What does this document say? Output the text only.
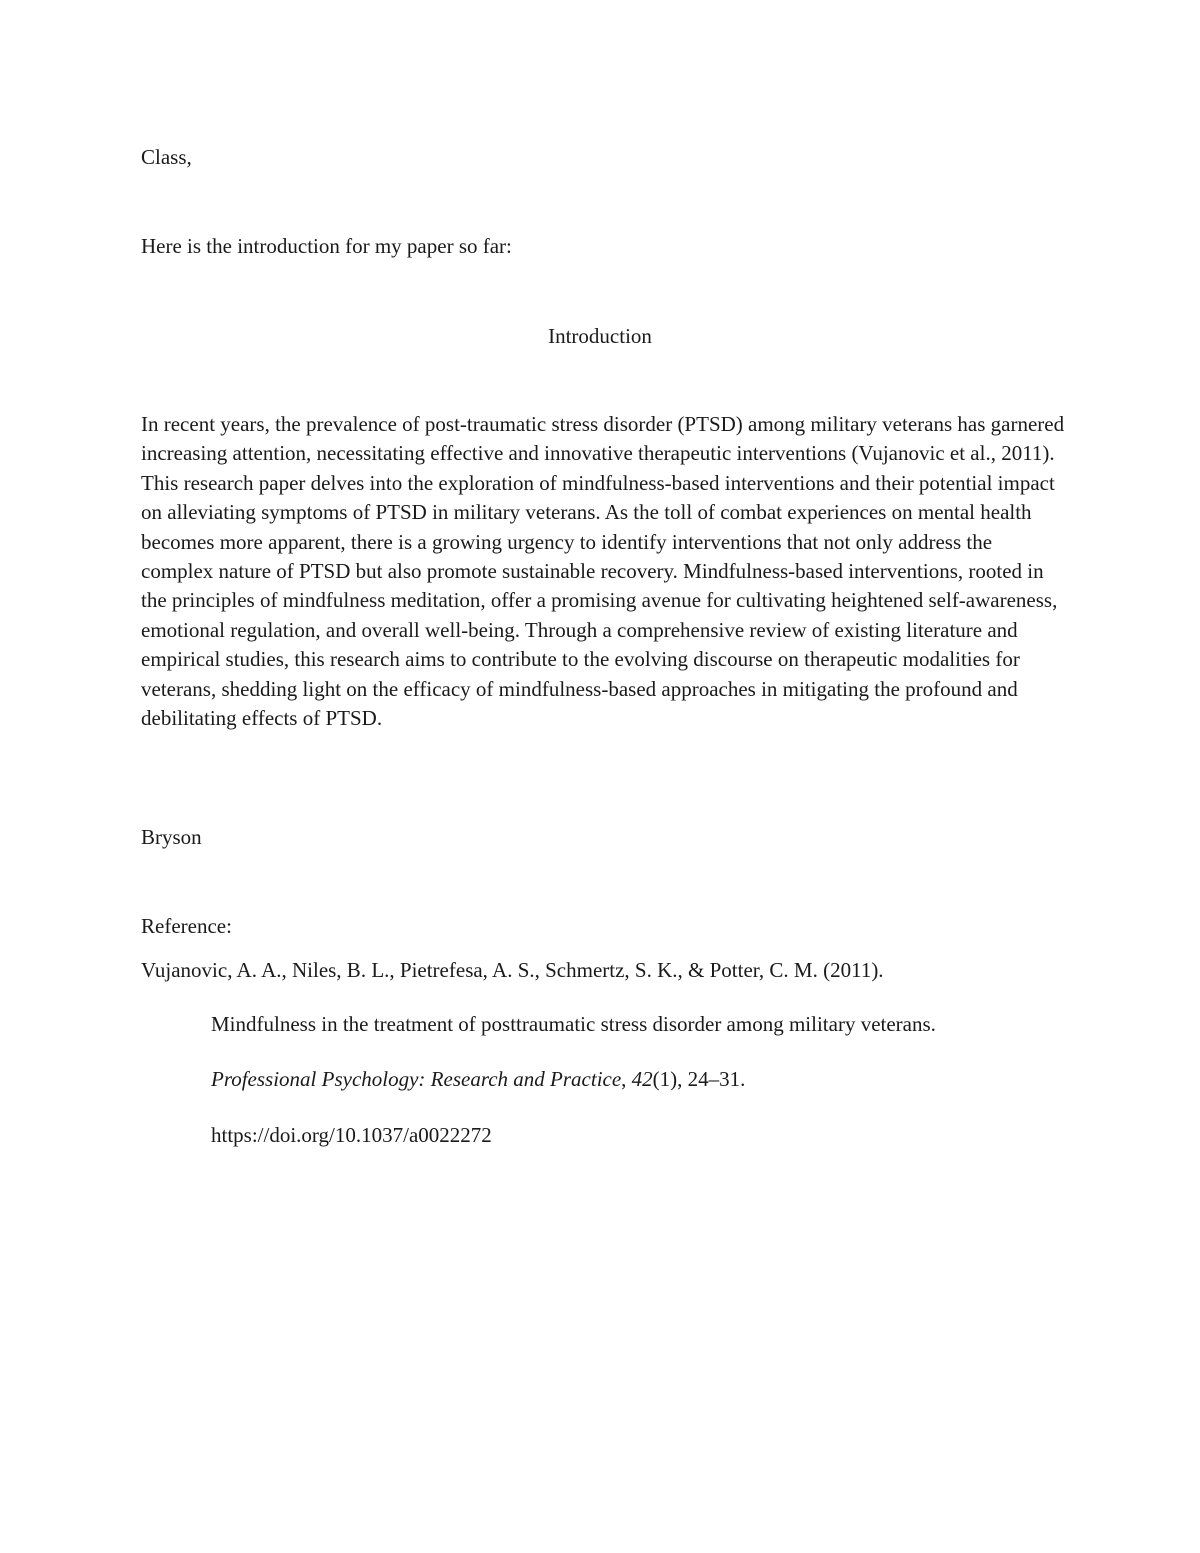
Class,

Here is the introduction for my paper so far:

Introduction

In recent years, the prevalence of post-traumatic stress disorder (PTSD) among military veterans has garnered increasing attention, necessitating effective and innovative therapeutic interventions (Vujanovic et al., 2011). This research paper delves into the exploration of mindfulness-based interventions and their potential impact on alleviating symptoms of PTSD in military veterans. As the toll of combat experiences on mental health becomes more apparent, there is a growing urgency to identify interventions that not only address the complex nature of PTSD but also promote sustainable recovery. Mindfulness-based interventions, rooted in the principles of mindfulness meditation, offer a promising avenue for cultivating heightened self-awareness, emotional regulation, and overall well-being. Through a comprehensive review of existing literature and empirical studies, this research aims to contribute to the evolving discourse on therapeutic modalities for veterans, shedding light on the efficacy of mindfulness-based approaches in mitigating the profound and debilitating effects of PTSD.

Bryson

Reference:

Vujanovic, A. A., Niles, B. L., Pietrefesa, A. S., Schmertz, S. K., & Potter, C. M. (2011).

Mindfulness in the treatment of posttraumatic stress disorder among military veterans.

Professional Psychology: Research and Practice, 42(1), 24–31.

https://doi.org/10.1037/a0022272
